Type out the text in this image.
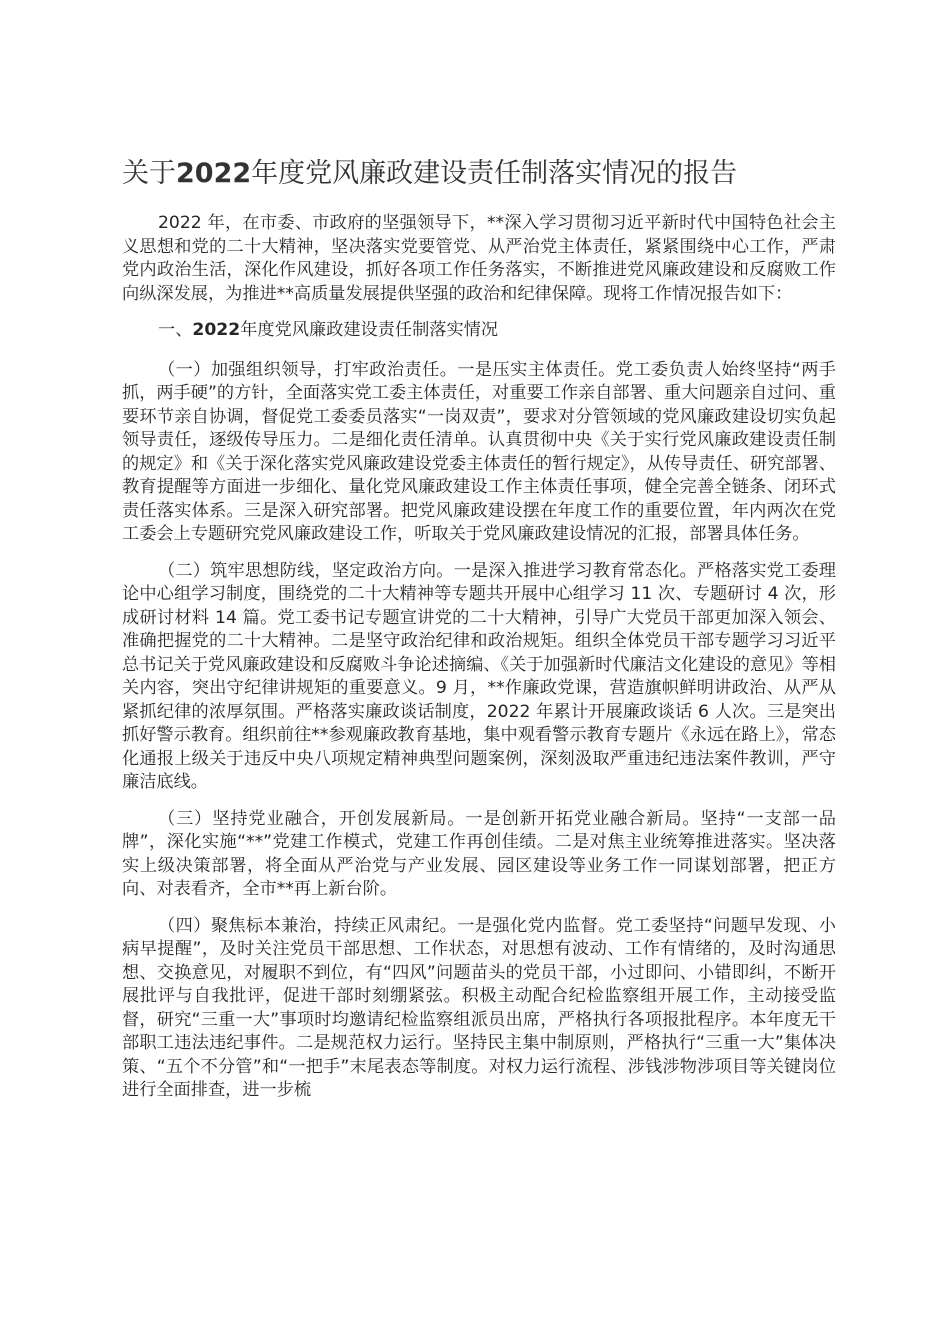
关于2022年度党风廉政建设责任制落实情况的报告

2022 年，在市委、市政府的坚强领导下，**深入学习贯彻习近平新时代中国特色社会主义思想和党的二十大精神，坚决落实党要管党、从严治党主体责任，紧紧围绕中心工作，严肃党内政治生活，深化作风建设，抓好各项工作任务落实，不断推进党风廉政建设和反腐败工作向纵深发展，为推进**高质量发展提供坚强的政治和纪律保障。现将工作情况报告如下：

一、2022年度党风廉政建设责任制落实情况

（一）加强组织领导，打牢政治责任。一是压实主体责任。党工委负责人始终坚持“两手抓，两手硬”的方针，全面落实党工委主体责任，对重要工作亲自部署、重大问题亲自过问、重要环节亲自协调，督促党工委委员落实“一岗双责”，要求对分管领域的党风廉政建设切实负起领导责任，逐级传导压力。二是细化责任清单。认真贯彻中央《关于实行党风廉政建设责任制的规定》和《关于深化落实党风廉政建设党委主体责任的暂行规定》，从传导责任、研究部署、教育提醒等方面进一步细化、量化党风廉政建设工作主体责任事项，健全完善全链条、闭环式责任落实体系。三是深入研究部署。把党风廉政建设摆在年度工作的重要位置，年内两次在党工委会上专题研究党风廉政建设工作，听取关于党风廉政建设情况的汇报，部署具体任务。

（二）筑牢思想防线，坚定政治方向。一是深入推进学习教育常态化。严格落实党工委理论中心组学习制度，围绕党的二十大精神等专题共开展中心组学习 11 次、专题研讨 4 次，形成研讨材料 14 篇。党工委书记专题宣讲党的二十大精神，引导广大党员干部更加深入领会、准确把握党的二十大精神。二是坚守政治纪律和政治规矩。组织全体党员干部专题学习习近平总书记关于党风廉政建设和反腐败斗争论述摘编、《关于加强新时代廉洁文化建设的意见》等相关内容，突出守纪律讲规矩的重要意义。9 月，**作廉政党课，营造旗帜鲜明讲政治、从严从紧抓纪律的浓厚氛围。严格落实廉政谈话制度，2022 年累计开展廉政谈话 6 人次。三是突出抓好警示教育。组织前往**参观廉政教育基地，集中观看警示教育专题片《永远在路上》，常态化通报上级关于违反中央八项规定精神典型问题案例，深刻汲取严重违纪违法案件教训，严守廉洁底线。

（三）坚持党业融合，开创发展新局。一是创新开拓党业融合新局。坚持“一支部一品牌”，深化实施“**”党建工作模式，党建工作再创佳绩。二是对焦主业统筹推进落实。坚决落实上级决策部署，将全面从严治党与产业发展、园区建设等业务工作一同谋划部署，把正方向、对表看齐，全市**再上新台阶。

（四）聚焦标本兼治，持续正风肃纪。一是强化党内监督。党工委坚持“问题早发现、小病早提醒”，及时关注党员干部思想、工作状态，对思想有波动、工作有情绪的，及时沟通思想、交换意见，对履职不到位，有“四风”问题苗头的党员干部，小过即问、小错即纠，不断开展批评与自我批评，促进干部时刻绷紧弦。积极主动配合纪检监察组开展工作，主动接受监督，研究“三重一大”事项时均邀请纪检监察组派员出席，严格执行各项报批程序。本年度无干部职工违法违纪事件。二是规范权力运行。坚持民主集中制原则，严格执行“三重一大”集体决策、“五个不分管”和“一把手”末尾表态等制度。对权力运行流程、涉钱涉物涉项目等关键岗位进行全面排查，进一步梳
